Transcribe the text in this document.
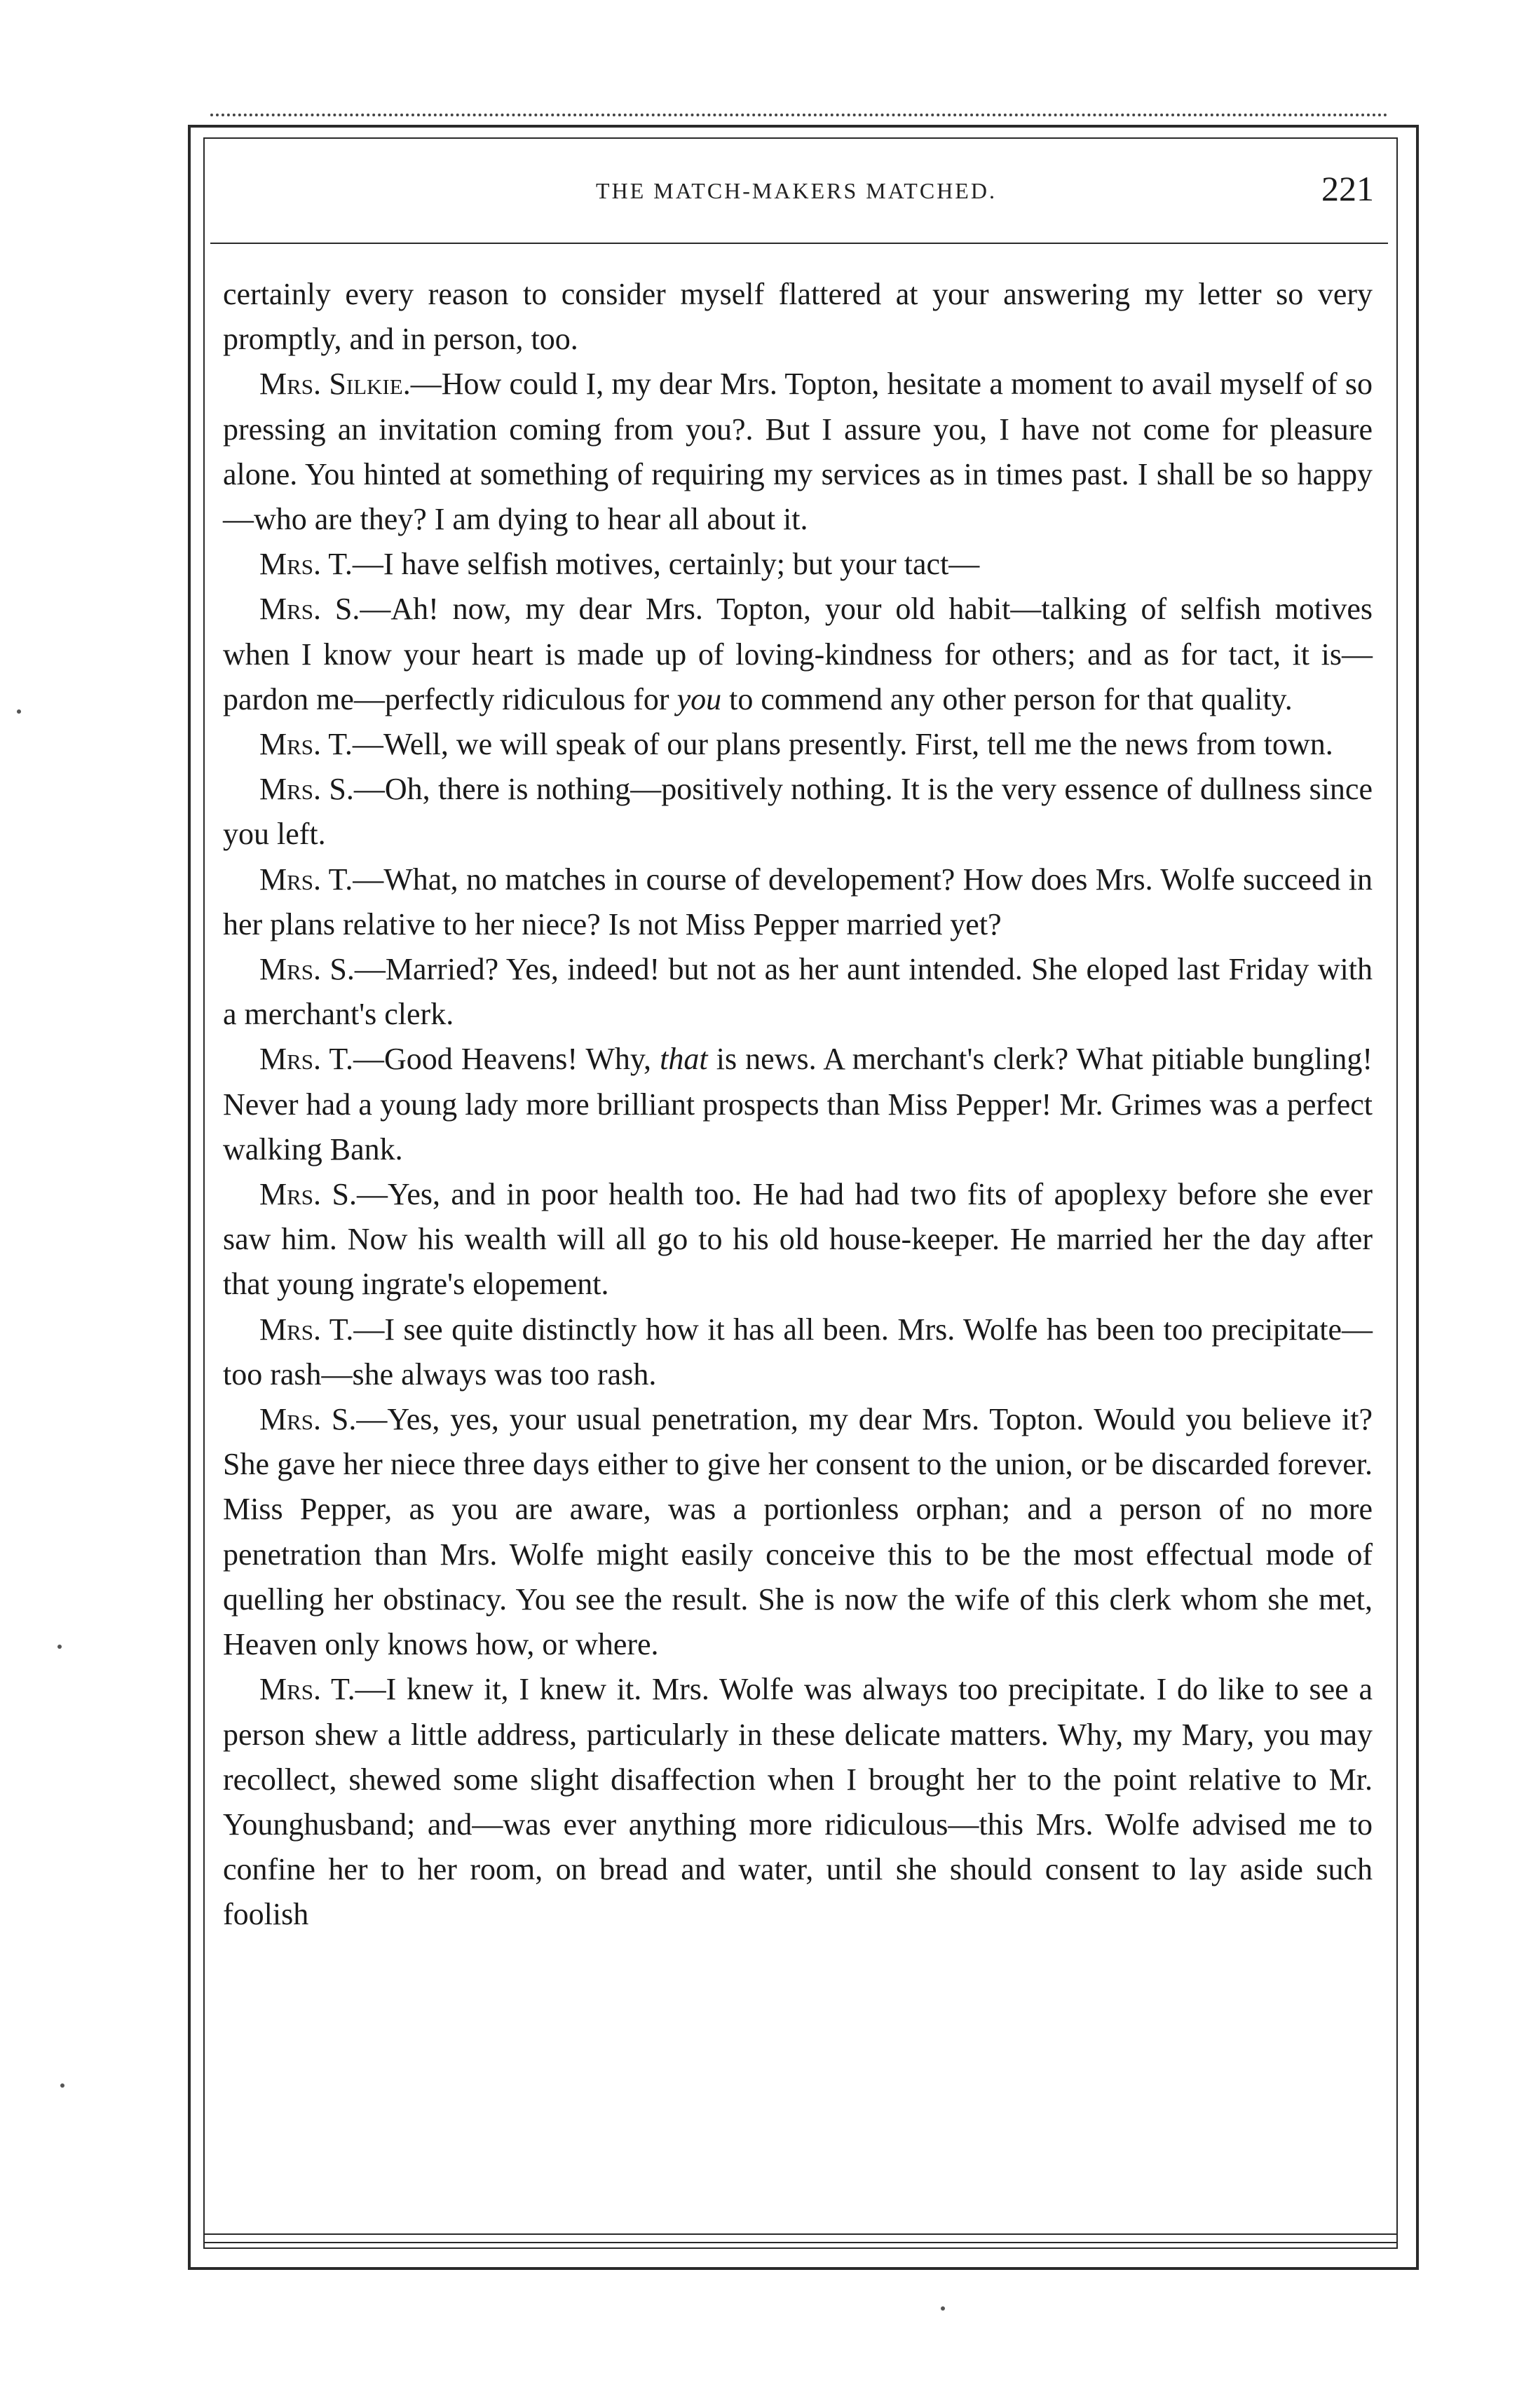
THE MATCH-MAKERS MATCHED.	221

certainly every reason to consider myself flattered at your answering my letter so very promptly, and in person, too.

Mrs. Silkie.—How could I, my dear Mrs. Topton, hesitate a moment to avail myself of so pressing an invitation coming from you?. But I assure you, I have not come for pleasure alone. You hinted at something of requiring my services as in times past. I shall be so happy—who are they? I am dying to hear all about it.

Mrs. T.—I have selfish motives, certainly; but your tact—

Mrs. S.—Ah! now, my dear Mrs. Topton, your old habit—talking of selfish motives when I know your heart is made up of loving-kindness for others; and as for tact, it is—pardon me—perfectly ridiculous for you to commend any other person for that quality.

Mrs. T.—Well, we will speak of our plans presently. First, tell me the news from town.

Mrs. S.—Oh, there is nothing—positively nothing. It is the very essence of dullness since you left.

Mrs. T.—What, no matches in course of developement? How does Mrs. Wolfe succeed in her plans relative to her niece? Is not Miss Pepper married yet?

Mrs. S.—Married? Yes, indeed! but not as her aunt intended. She eloped last Friday with a merchant's clerk.

Mrs. T.—Good Heavens! Why, that is news. A merchant's clerk? What pitiable bungling! Never had a young lady more brilliant prospects than Miss Pepper! Mr. Grimes was a perfect walking Bank.

Mrs. S.—Yes, and in poor health too. He had had two fits of apoplexy before she ever saw him. Now his wealth will all go to his old house-keeper. He married her the day after that young ingrate's elopement.

Mrs. T.—I see quite distinctly how it has all been. Mrs. Wolfe has been too precipitate—too rash—she always was too rash.

Mrs. S.—Yes, yes, your usual penetration, my dear Mrs. Topton. Would you believe it? She gave her niece three days either to give her consent to the union, or be discarded forever. Miss Pepper, as you are aware, was a portionless orphan; and a person of no more penetration than Mrs. Wolfe might easily conceive this to be the most effectual mode of quelling her obstinacy. You see the result. She is now the wife of this clerk whom she met, Heaven only knows how, or where.

Mrs. T.—I knew it, I knew it. Mrs. Wolfe was always too precipitate. I do like to see a person shew a little address, particularly in these delicate matters. Why, my Mary, you may recollect, shewed some slight disaffection when I brought her to the point relative to Mr. Younghusband; and—was ever anything more ridiculous—this Mrs. Wolfe advised me to confine her to her room, on bread and water, until she should consent to lay aside such foolish
